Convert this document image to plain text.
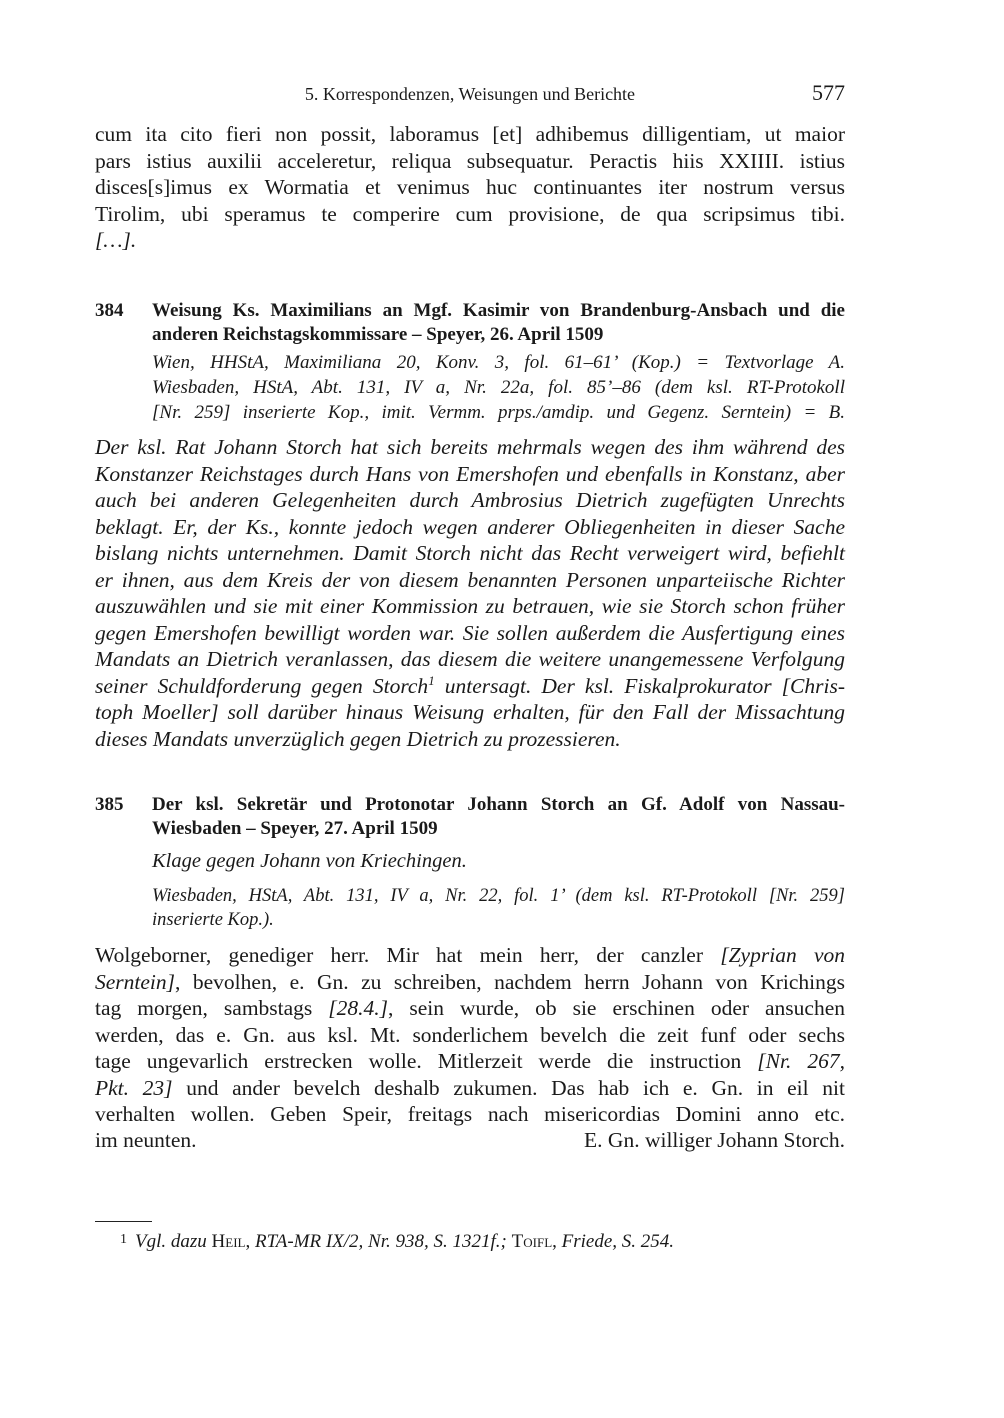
5. Korrespondenzen, Weisungen und Berichte	577
cum ita cito fieri non possit, laboramus [et] adhibemus dilligentiam, ut maior
pars istius auxilii acceleretur, reliqua subsequatur. Peractis hiis XXIIII. istius
disces[s]imus ex Wormatia et venimus huc continuantes iter nostrum versus
Tirolim, ubi speramus te comperire cum provisione, de qua scripsimus tibi.
[…].
384 Weisung Ks. Maximilians an Mgf. Kasimir von Brandenburg-Ansbach und die
anderen Reichstagskommissare – Speyer, 26. April 1509
Wien, HHStA, Maximiliana 20, Konv. 3, fol. 61–61’ (Kop.) = Textvorlage A.
Wiesbaden, HStA, Abt. 131, IV a, Nr. 22a, fol. 85’–86 (dem ksl. RT-Protokoll
[Nr. 259] inserierte Kop., imit. Vermm. prps./amdip. und Gegenz. Serntein) = B.
Der ksl. Rat Johann Storch hat sich bereits mehrmals wegen des ihm während des
Konstanzer Reichstages durch Hans von Emershofen und ebenfalls in Konstanz, aber
auch bei anderen Gelegenheiten durch Ambrosius Dietrich zugefügten Unrechts
beklagt. Er, der Ks., konnte jedoch wegen anderer Obliegenheiten in dieser Sache
bislang nichts unternehmen. Damit Storch nicht das Recht verweigert wird, befiehlt
er ihnen, aus dem Kreis der von diesem benannten Personen unparteiische Richter
auszuwählen und sie mit einer Kommission zu betrauen, wie sie Storch schon früher
gegen Emershofen bewilligt worden war. Sie sollen außerdem die Ausfertigung eines
Mandats an Dietrich veranlassen, das diesem die weitere unangemessene Verfolgung
seiner Schuldforderung gegen Storch$^1$ untersagt. Der ksl. Fiskalprokurator [Chris-
toph Moeller] soll darüber hinaus Weisung erhalten, für den Fall der Missachtung
dieses Mandats unverzüglich gegen Dietrich zu prozessieren.
385 Der ksl. Sekretär und Protonotar Johann Storch an Gf. Adolf von Nassau-
Wiesbaden – Speyer, 27. April 1509
Klage gegen Johann von Kriechingen.
Wiesbaden, HStA, Abt. 131, IV a, Nr. 22, fol. 1’ (dem ksl. RT-Protokoll [Nr. 259]
inserierte Kop.).
Wolgeborner, genediger herr. Mir hat mein herr, der canzler [Zyprian von
Serntein], bevolhen, e. Gn. zu schreiben, nachdem herrn Johann von Krichings
tag morgen, sambstags [28.4.], sein wurde, ob sie erschinen oder ansuchen
werden, das e. Gn. aus ksl. Mt. sonderlichem bevelch die zeit funf oder sechs
tage ungevarlich erstrecken wolle. Mitlerzeit werde die instruction [Nr. 267,
Pkt. 23] und ander bevelch deshalb zukumen. Das hab ich e. Gn. in eil nit
verhalten wollen. Geben Speir, freitags nach misericordias Domini anno etc.
im neunten.	E. Gn. williger Johann Storch.
$^1$ Vgl. dazu Heil, RTA-MR IX/2, Nr. 938, S. 1321f.; Toifl, Friede, S. 254.
